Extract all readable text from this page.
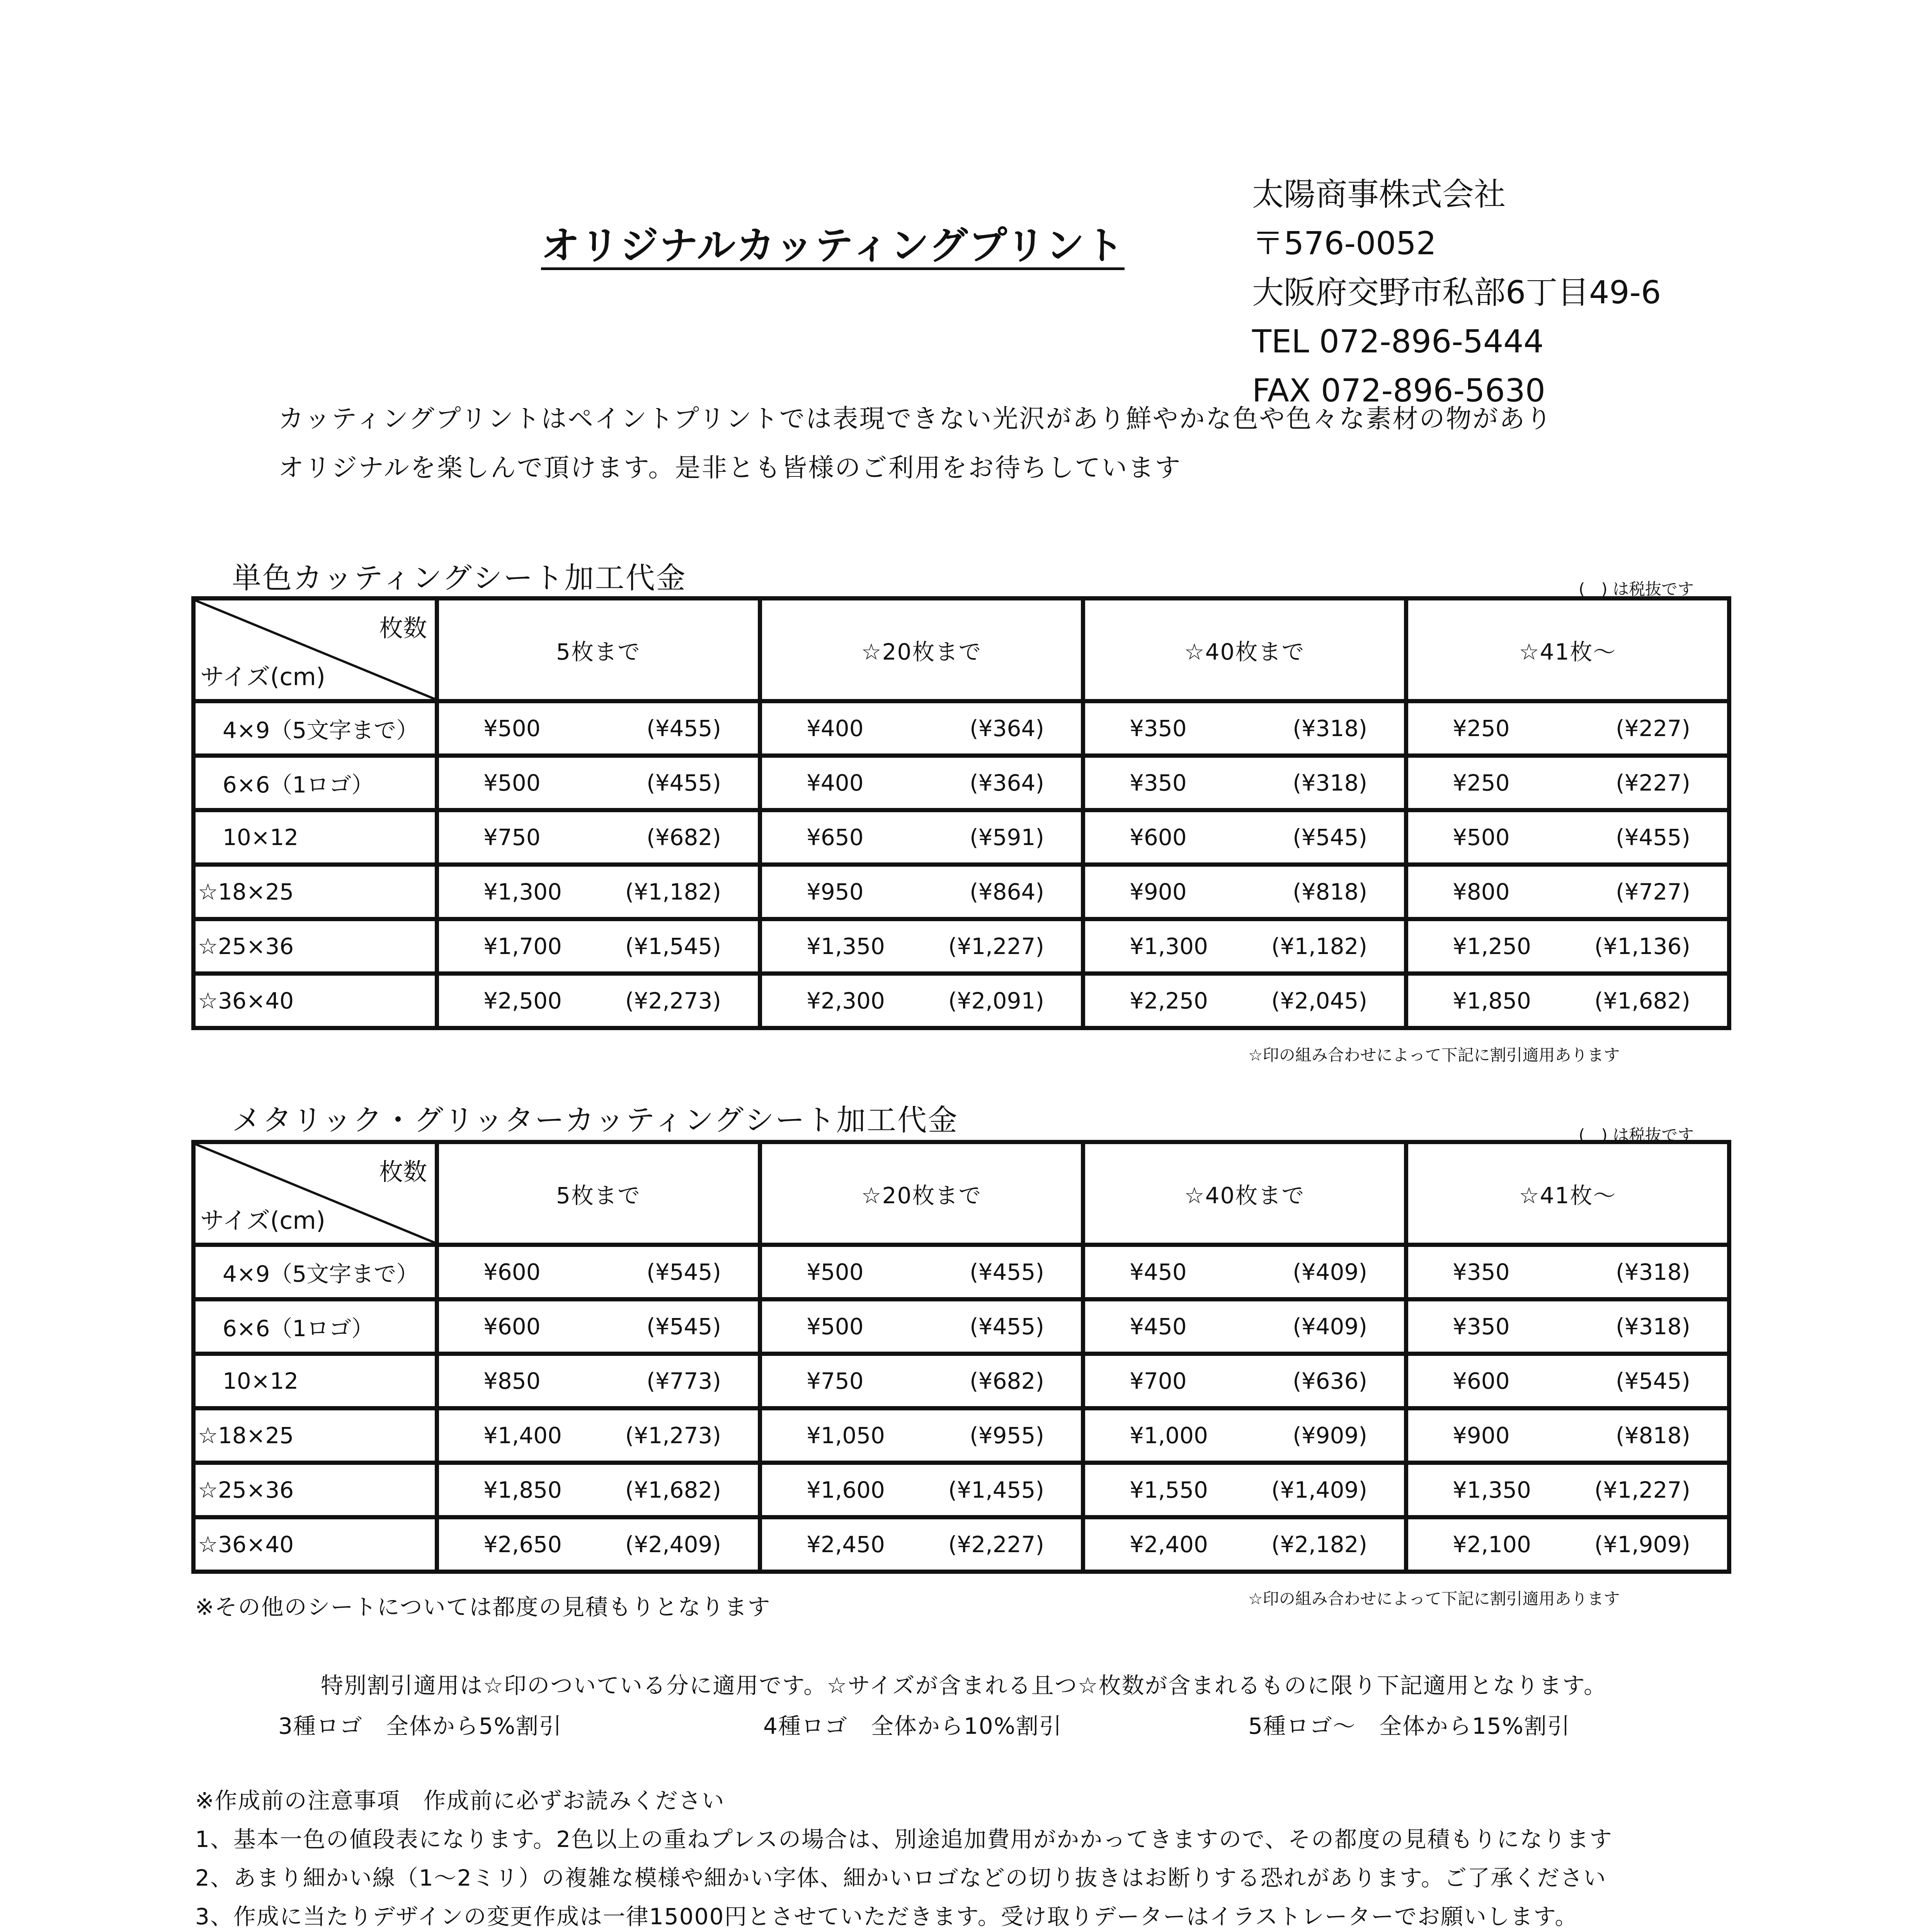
オリジナルカッティングプリント
太陽商事株式会社
〒576-0052
大阪府交野市私部6丁目49-6
TEL 072-896-5444
FAX 072-896-5630
カッティングプリントはペイントプリントでは表現できない光沢があり鮮やかな色や色々な素材の物があり
オリジナルを楽しんで頂けます。是非とも皆様のご利用をお待ちしています
単色カッティングシート加工代金	(　) は税抜です
枚数
サイズ(cm)	5枚まで	☆20枚まで	☆40枚まで	☆41枚～
4×9（5文字まで）	¥500 (¥455)	¥400 (¥364)	¥350 (¥318)	¥250 (¥227)

6×6（1ロゴ）	¥500 (¥455)	¥400 (¥364)	¥350 (¥318)	¥250 (¥227)

10×12	¥750 (¥682)	¥650 (¥591)	¥600 (¥545)	¥500 (¥455)

☆18×25	¥1,300 (¥1,182)	¥950 (¥864)	¥900 (¥818)	¥800 (¥727)

☆25×36	¥1,700 (¥1,545)	¥1,350 (¥1,227)	¥1,300 (¥1,182)	¥1,250 (¥1,136)

☆36×40	¥2,500 (¥2,273)	¥2,300 (¥2,091)	¥2,250 (¥2,045)	¥1,850 (¥1,682)
☆印の組み合わせによって下記に割引適用あります
メタリック・グリッターカッティングシート加工代金	(　) は税抜です
枚数
サイズ(cm)	5枚まで	☆20枚まで	☆40枚まで	☆41枚～
4×9（5文字まで）	¥600 (¥545)	¥500 (¥455)	¥450 (¥409)	¥350 (¥318)

6×6（1ロゴ）	¥600 (¥545)	¥500 (¥455)	¥450 (¥409)	¥350 (¥318)

10×12	¥850 (¥773)	¥750 (¥682)	¥700 (¥636)	¥600 (¥545)

☆18×25	¥1,400 (¥1,273)	¥1,050 (¥955)	¥1,000 (¥909)	¥900 (¥818)

☆25×36	¥1,850 (¥1,682)	¥1,600 (¥1,455)	¥1,550 (¥1,409)	¥1,350 (¥1,227)

☆36×40	¥2,650 (¥2,409)	¥2,450 (¥2,227)	¥2,400 (¥2,182)	¥2,100 (¥1,909)
※その他のシートについては都度の見積もりとなります	☆印の組み合わせによって下記に割引適用あります
特別割引適用は☆印のついている分に適用です。☆サイズが含まれる且つ☆枚数が含まれるものに限り下記適用となります。
3種ロゴ　全体から5%割引	4種ロゴ　全体から10%割引	5種ロゴ～　全体から15%割引
※作成前の注意事項　作成前に必ずお読みください
1、基本一色の値段表になります。2色以上の重ねプレスの場合は、別途追加費用がかかってきますので、その都度の見積もりになります
2、あまり細かい線（1～2ミリ）の複雑な模様や細かい字体、細かいロゴなどの切り抜きはお断りする恐れがあります。ご了承ください
3、作成に当たりデザインの変更作成は一律15000円とさせていただきます。受け取りデーターはイラストレーターでお願いします。
